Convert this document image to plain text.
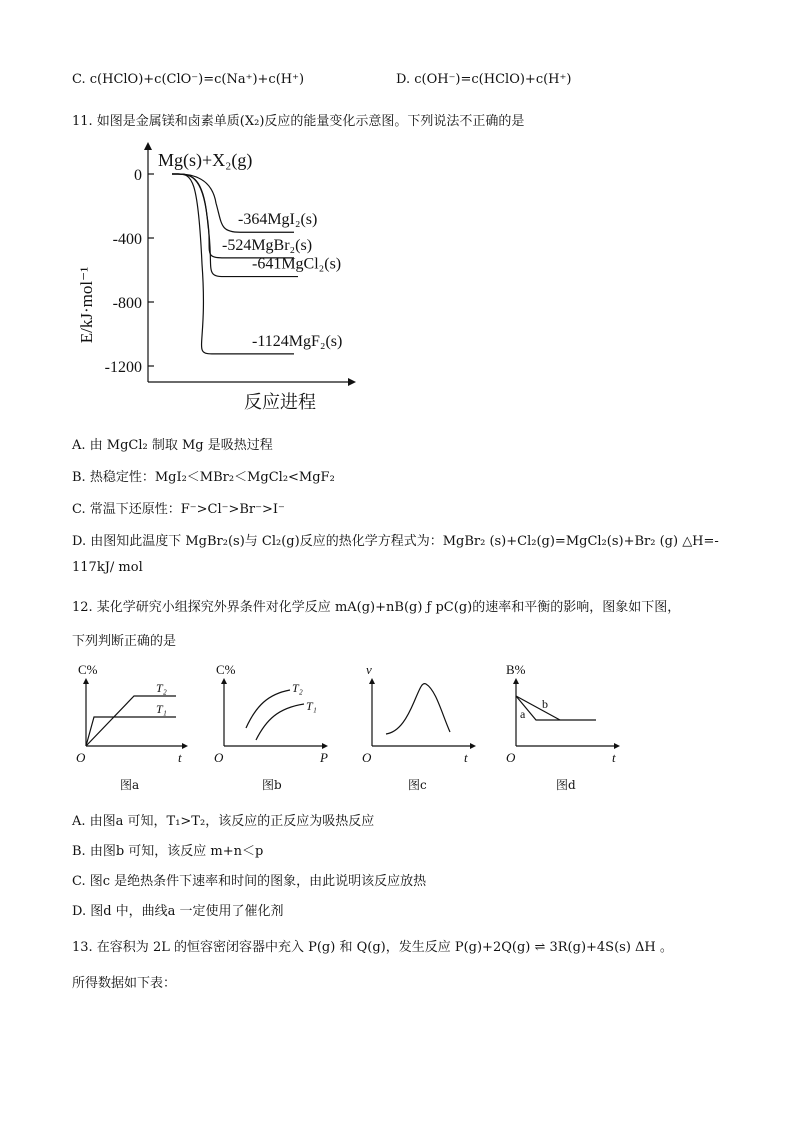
C. c(HClO)+c(ClO⁻)=c(Na⁺)+c(H⁺)	D. c(OH⁻)=c(HClO)+c(H⁺)
11. 如图是金属镁和卤素单质(X₂)反应的能量变化示意图。下列说法不正确的是
Mg(s)+X₂(g)
E/kJ·mol⁻¹
反应进程
0
-400
-800
-1200
-364MgI₂(s)
-524MgBr₂(s)
-641MgCl₂(s)
-1124MgF₂(s)
A. 由 MgCl₂ 制取 Mg 是吸热过程
B. 热稳定性：MgI₂＜MBr₂＜MgCl₂<MgF₂
C. 常温下还原性：F⁻>Cl⁻>Br⁻>I⁻
D. 由图知此温度下 MgBr₂(s)与 Cl₂(g)反应的热化学方程式为：MgBr₂ (s)+Cl₂(g)=MgCl₂(s)+Br₂ (g) △H=-
117kJ/ mol
12. 某化学研究小组探究外界条件对化学反应 mA(g)+nB(g) ƒ pC(g)的速率和平衡的影响，图象如下图，
下列判断正确的是
C%
T₂
T₁
O	t
图a
C%
T₂
T₁
O	P
图b
v
O	t
图c
B%
a
b
O	t
图d
A. 由图a 可知，T₁>T₂，该反应的正反应为吸热反应
B. 由图b 可知，该反应 m+n＜p
C. 图c 是绝热条件下速率和时间的图象，由此说明该反应放热
D. 图d 中，曲线a 一定使用了催化剂
13. 在容积为 2L 的恒容密闭容器中充入 P(g) 和 Q(g)，发生反应 P(g)+2Q(g) ⇌ 3R(g)+4S(s) ΔH 。
所得数据如下表：
